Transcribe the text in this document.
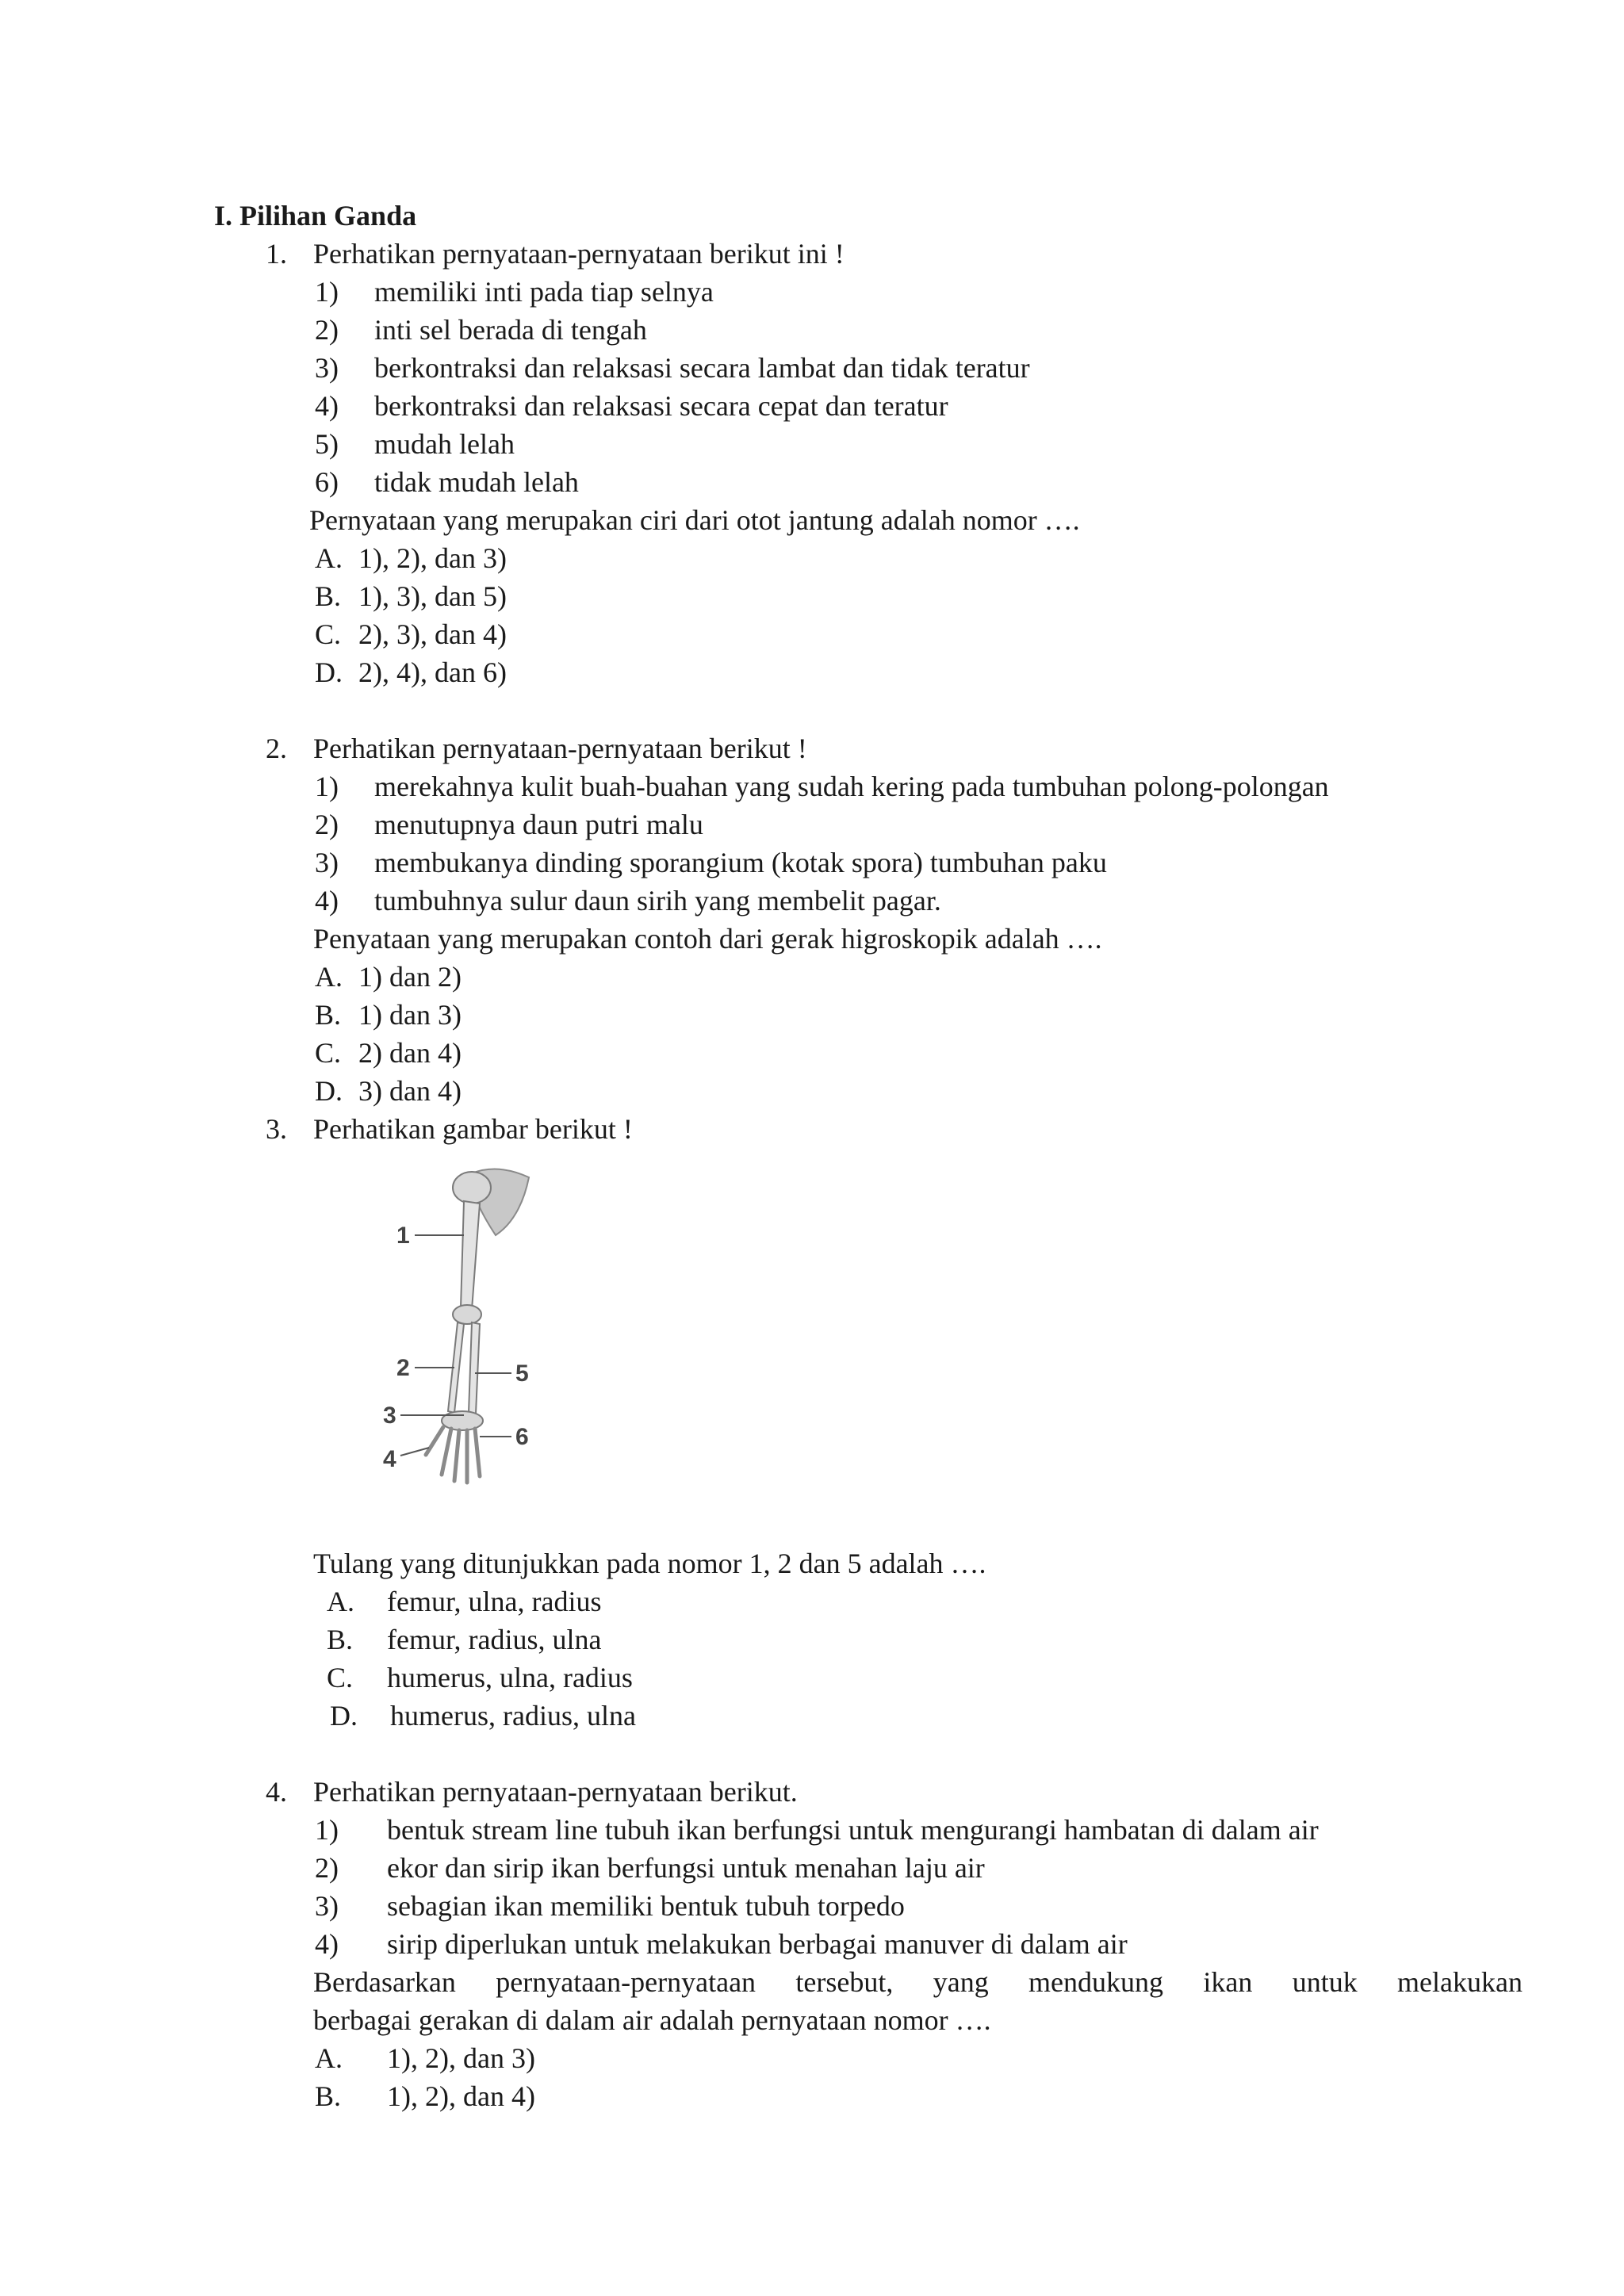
I. Pilihan Ganda
1. Perhatikan pernyataan-pernyataan berikut ini !
1) memiliki inti pada tiap selnya
2) inti sel berada di tengah
3) berkontraksi dan relaksasi secara lambat dan tidak teratur
4) berkontraksi dan relaksasi secara cepat dan teratur
5) mudah lelah
6) tidak mudah lelah
Pernyataan yang merupakan ciri dari otot jantung adalah nomor ….
A. 1), 2), dan 3)
B. 1), 3), dan 5)
C. 2), 3), dan 4)
D. 2), 4), dan 6)
2. Perhatikan pernyataan-pernyataan berikut !
1) merekahnya kulit buah-buahan yang sudah kering pada tumbuhan polong-polongan
2) menutupnya daun putri malu
3) membukanya dinding sporangium (kotak spora) tumbuhan paku
4) tumbuhnya sulur daun sirih yang membelit pagar.
Penyataan yang merupakan contoh dari gerak higroskopik adalah ….
A. 1) dan 2)
B. 1) dan 3)
C. 2) dan 4)
D. 3) dan 4)
3. Perhatikan gambar berikut !
1
2
3
4
5
6
Tulang yang ditunjukkan pada nomor 1, 2 dan 5 adalah ….
A. femur, ulna, radius
B. femur, radius, ulna
C. humerus, ulna, radius
D. humerus, radius, ulna
4. Perhatikan pernyataan-pernyataan berikut.
1) bentuk stream line tubuh ikan berfungsi untuk mengurangi hambatan di dalam air
2) ekor dan sirip ikan berfungsi untuk menahan laju air
3) sebagian ikan memiliki bentuk tubuh torpedo
4) sirip diperlukan untuk melakukan berbagai manuver di dalam air
Berdasarkan pernyataan-pernyataan tersebut, yang mendukung ikan untuk melakukan
berbagai gerakan di dalam air adalah pernyataan nomor ….
A. 1), 2), dan 3)
B. 1), 2), dan 4)
